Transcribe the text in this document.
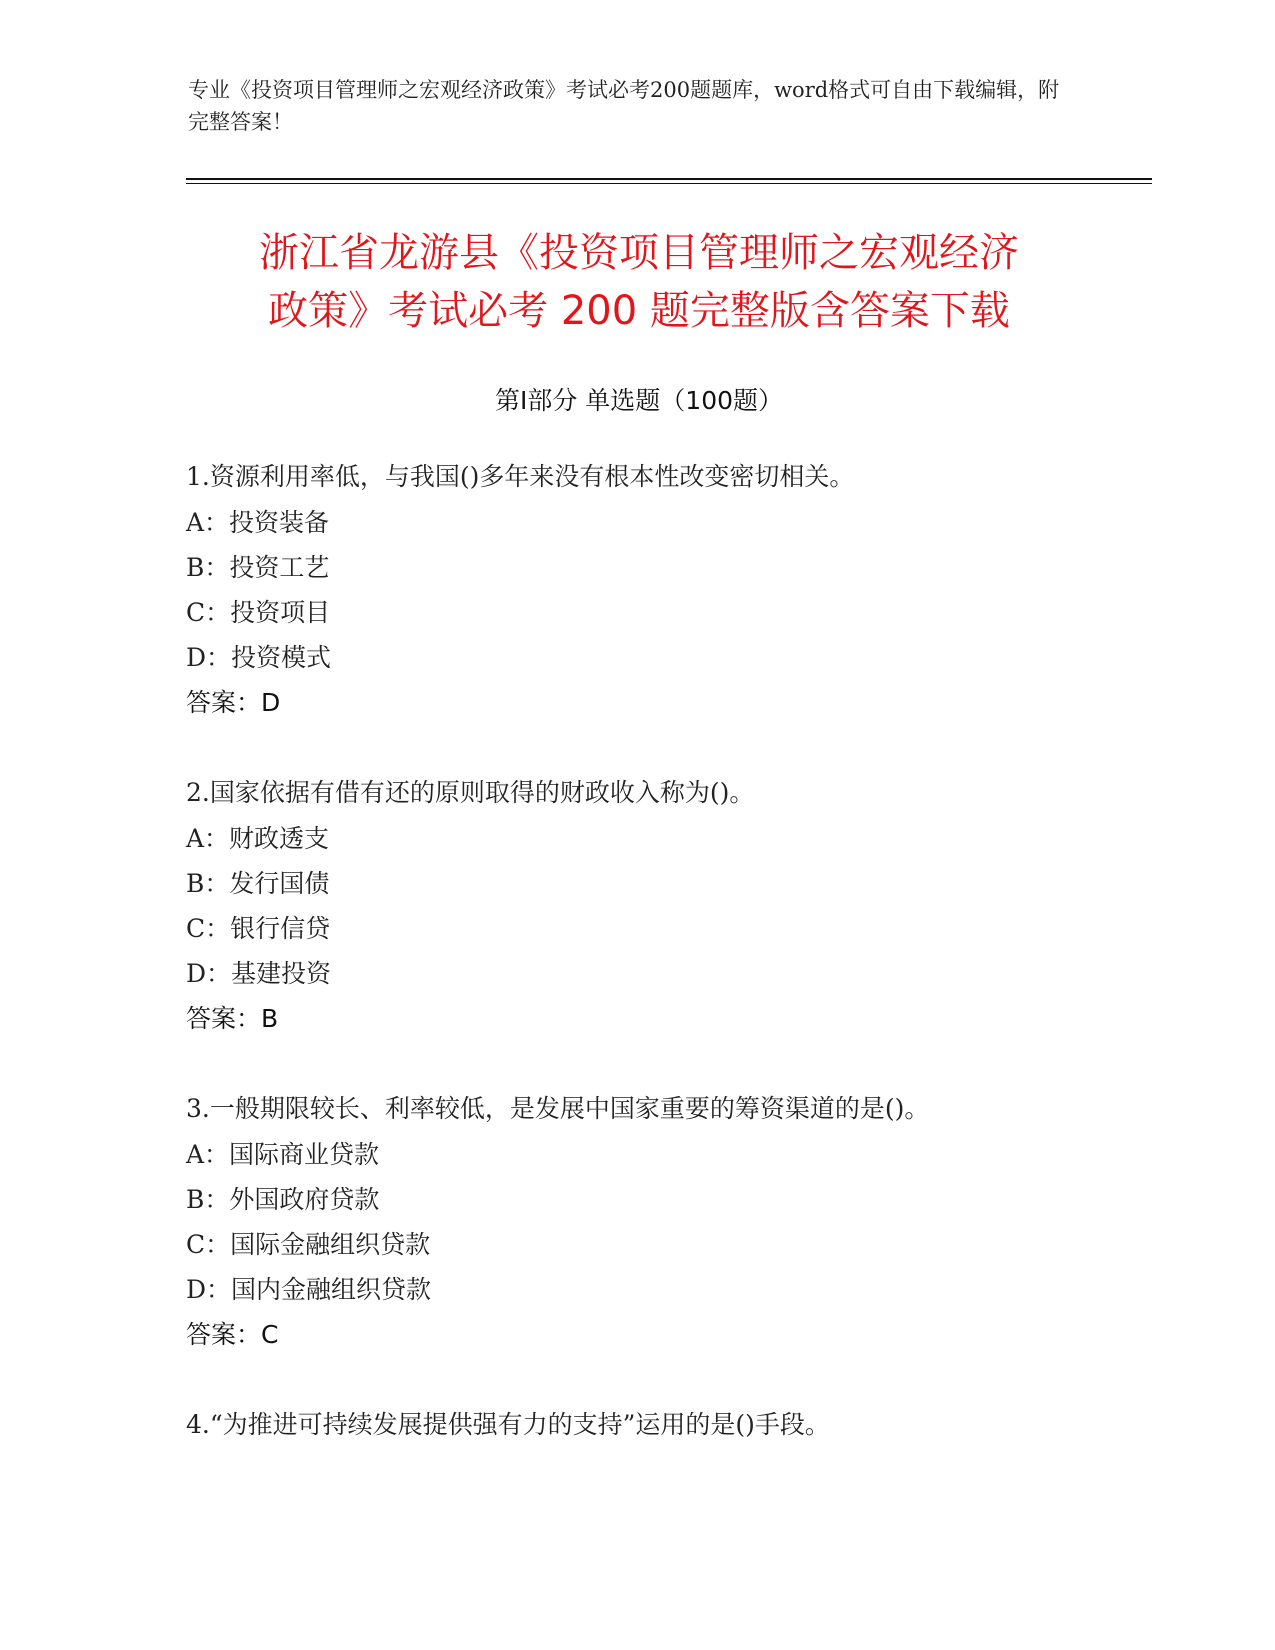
专业《投资项目管理师之宏观经济政策》考试必考200题题库，word格式可自由下载编辑，附完整答案！
浙江省龙游县《投资项目管理师之宏观经济
政策》考试必考 200 题完整版含答案下载
第Ⅰ部分 单选题（100题）
1.资源利用率低，与我国()多年来没有根本性改变密切相关。
A：投资装备
B：投资工艺
C：投资项目
D：投资模式
答案：D
2.国家依据有借有还的原则取得的财政收入称为()。
A：财政透支
B：发行国债
C：银行信贷
D：基建投资
答案：B
3.一般期限较长、利率较低，是发展中国家重要的筹资渠道的是()。
A：国际商业贷款
B：外国政府贷款
C：国际金融组织贷款
D：国内金融组织贷款
答案：C
4.“为推进可持续发展提供强有力的支持”运用的是()手段。
